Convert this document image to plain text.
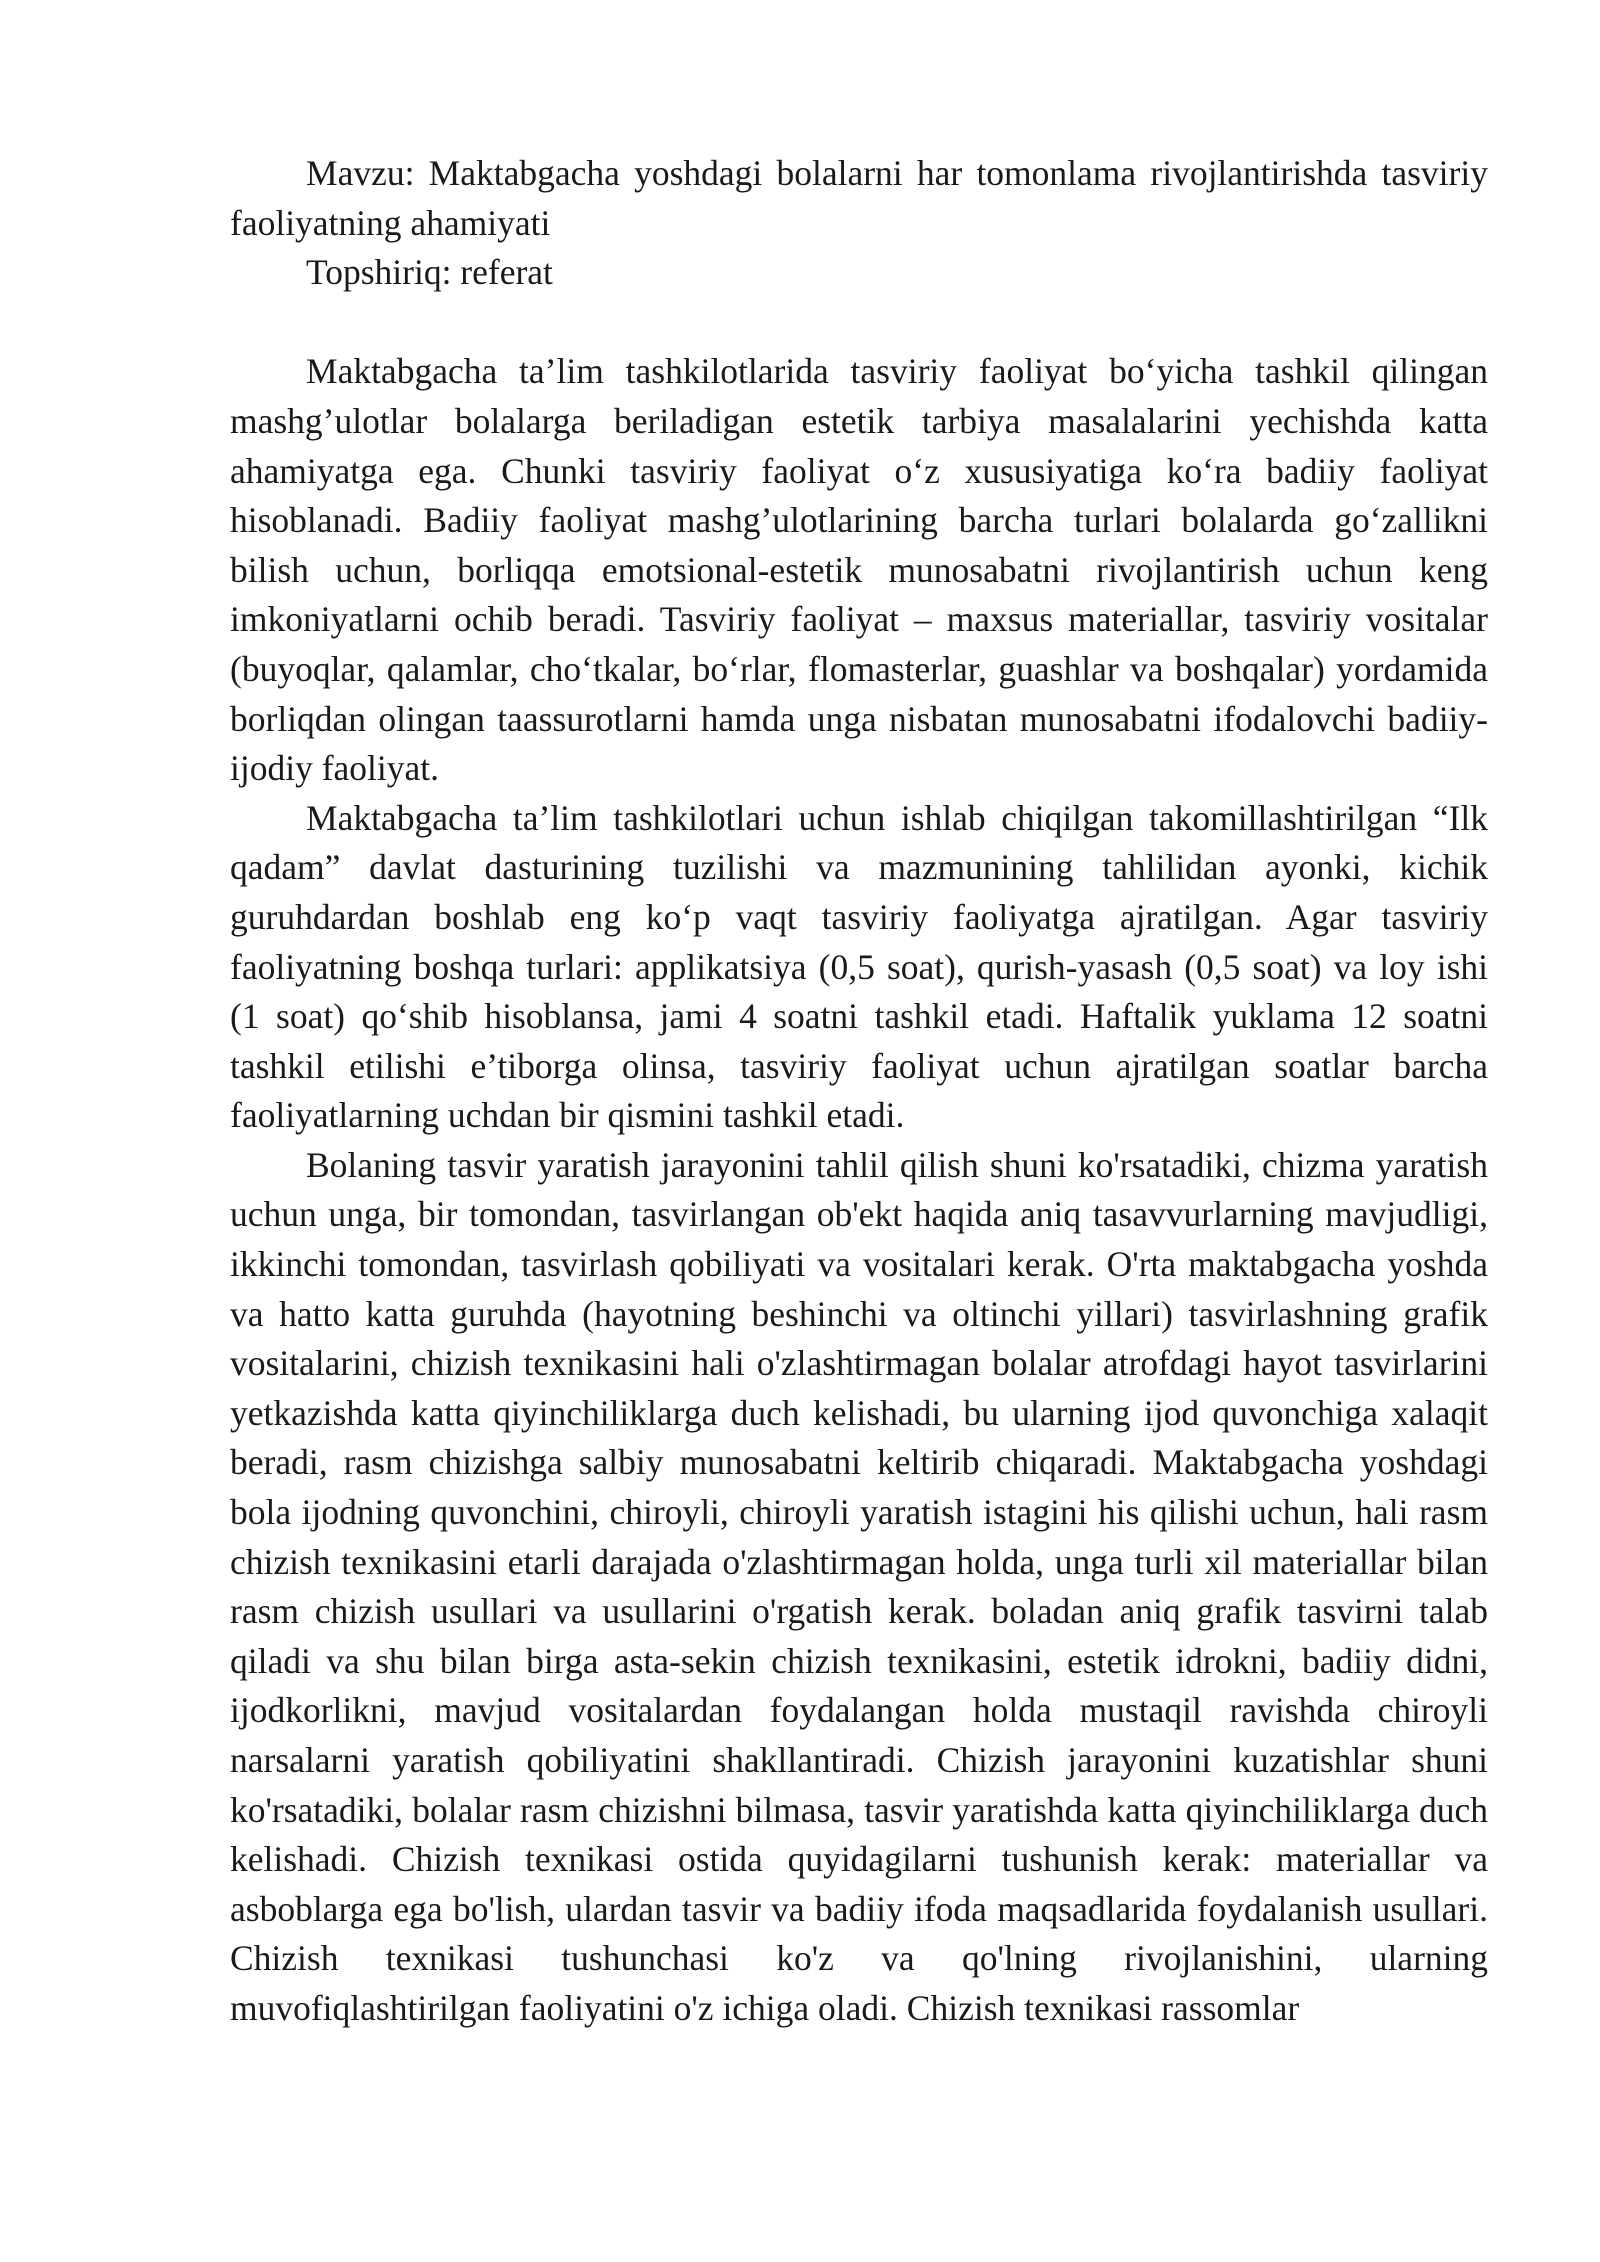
Mavzu: Maktabgacha yoshdagi bolalarni har tomonlama rivojlantirishda tasviriy faoliyatning ahamiyati

Topshiriq: referat

Maktabgacha ta’lim tashkilotlarida tasviriy faoliyat bo‘yicha tashkil qilingan mashg’ulotlar bolalarga beriladigan estetik tarbiya masalalarini yechishda katta ahamiyatga ega. Chunki tasviriy faoliyat o‘z xususiyatiga ko‘ra badiiy faoliyat hisoblanadi. Badiiy faoliyat mashg’ulotlarining barcha turlari bolalarda go‘zallikni bilish uchun, borliqqa emotsional-estetik munosabatni rivojlantirish uchun keng imkoniyatlarni ochib beradi. Tasviriy faoliyat – maxsus materiallar, tasviriy vositalar (buyoqlar, qalamlar, cho‘tkalar, bo‘rlar, flomasterlar, guashlar va boshqalar) yordamida borliqdan olingan taassurotlarni hamda unga nisbatan munosabatni ifodalovchi badiiy-ijodiy faoliyat.

Maktabgacha ta’lim tashkilotlari uchun ishlab chiqilgan takomillashtirilgan “Ilk qadam” davlat dasturining tuzilishi va mazmunining tahlilidan ayonki, kichik guruhdardan boshlab eng ko‘p vaqt tasviriy faoliyatga ajratilgan. Agar tasviriy faoliyatning boshqa turlari: applikatsiya (0,5 soat), qurish-yasash (0,5 soat) va loy ishi (1 soat) qo‘shib hisoblansa, jami 4 soatni tashkil etadi. Haftalik yuklama 12 soatni tashkil etilishi e’tiborga olinsa, tasviriy faoliyat uchun ajratilgan soatlar barcha faoliyatlarning uchdan bir qismini tashkil etadi.

Bolaning tasvir yaratish jarayonini tahlil qilish shuni ko'rsatadiki, chizma yaratish uchun unga, bir tomondan, tasvirlangan ob'ekt haqida aniq tasavvurlarning mavjudligi, ikkinchi tomondan, tasvirlash qobiliyati va vositalari kerak. O'rta maktabgacha yoshda va hatto katta guruhda (hayotning beshinchi va oltinchi yillari) tasvirlashning grafik vositalarini, chizish texnikasini hali o'zlashtirmagan bolalar atrofdagi hayot tasvirlarini yetkazishda katta qiyinchiliklarga duch kelishadi, bu ularning ijod quvonchiga xalaqit beradi, rasm chizishga salbiy munosabatni keltirib chiqaradi. Maktabgacha yoshdagi bola ijodning quvonchini, chiroyli, chiroyli yaratish istagini his qilishi uchun, hali rasm chizish texnikasini etarli darajada o'zlashtirmagan holda, unga turli xil materiallar bilan rasm chizish usullari va usullarini o'rgatish kerak. boladan aniq grafik tasvirni talab qiladi va shu bilan birga asta-sekin chizish texnikasini, estetik idrokni, badiiy didni, ijodkorlikni, mavjud vositalardan foydalangan holda mustaqil ravishda chiroyli narsalarni yaratish qobiliyatini shakllantiradi. Chizish jarayonini kuzatishlar shuni ko'rsatadiki, bolalar rasm chizishni bilmasa, tasvir yaratishda katta qiyinchiliklarga duch kelishadi. Chizish texnikasi ostida quyidagilarni tushunish kerak: materiallar va asboblarga ega bo'lish, ulardan tasvir va badiiy ifoda maqsadlarida foydalanish usullari. Chizish texnikasi tushunchasi ko'z va qo'lning rivojlanishini, ularning muvofiqlashtirilgan faoliyatini o'z ichiga oladi. Chizish texnikasi rassomlar
